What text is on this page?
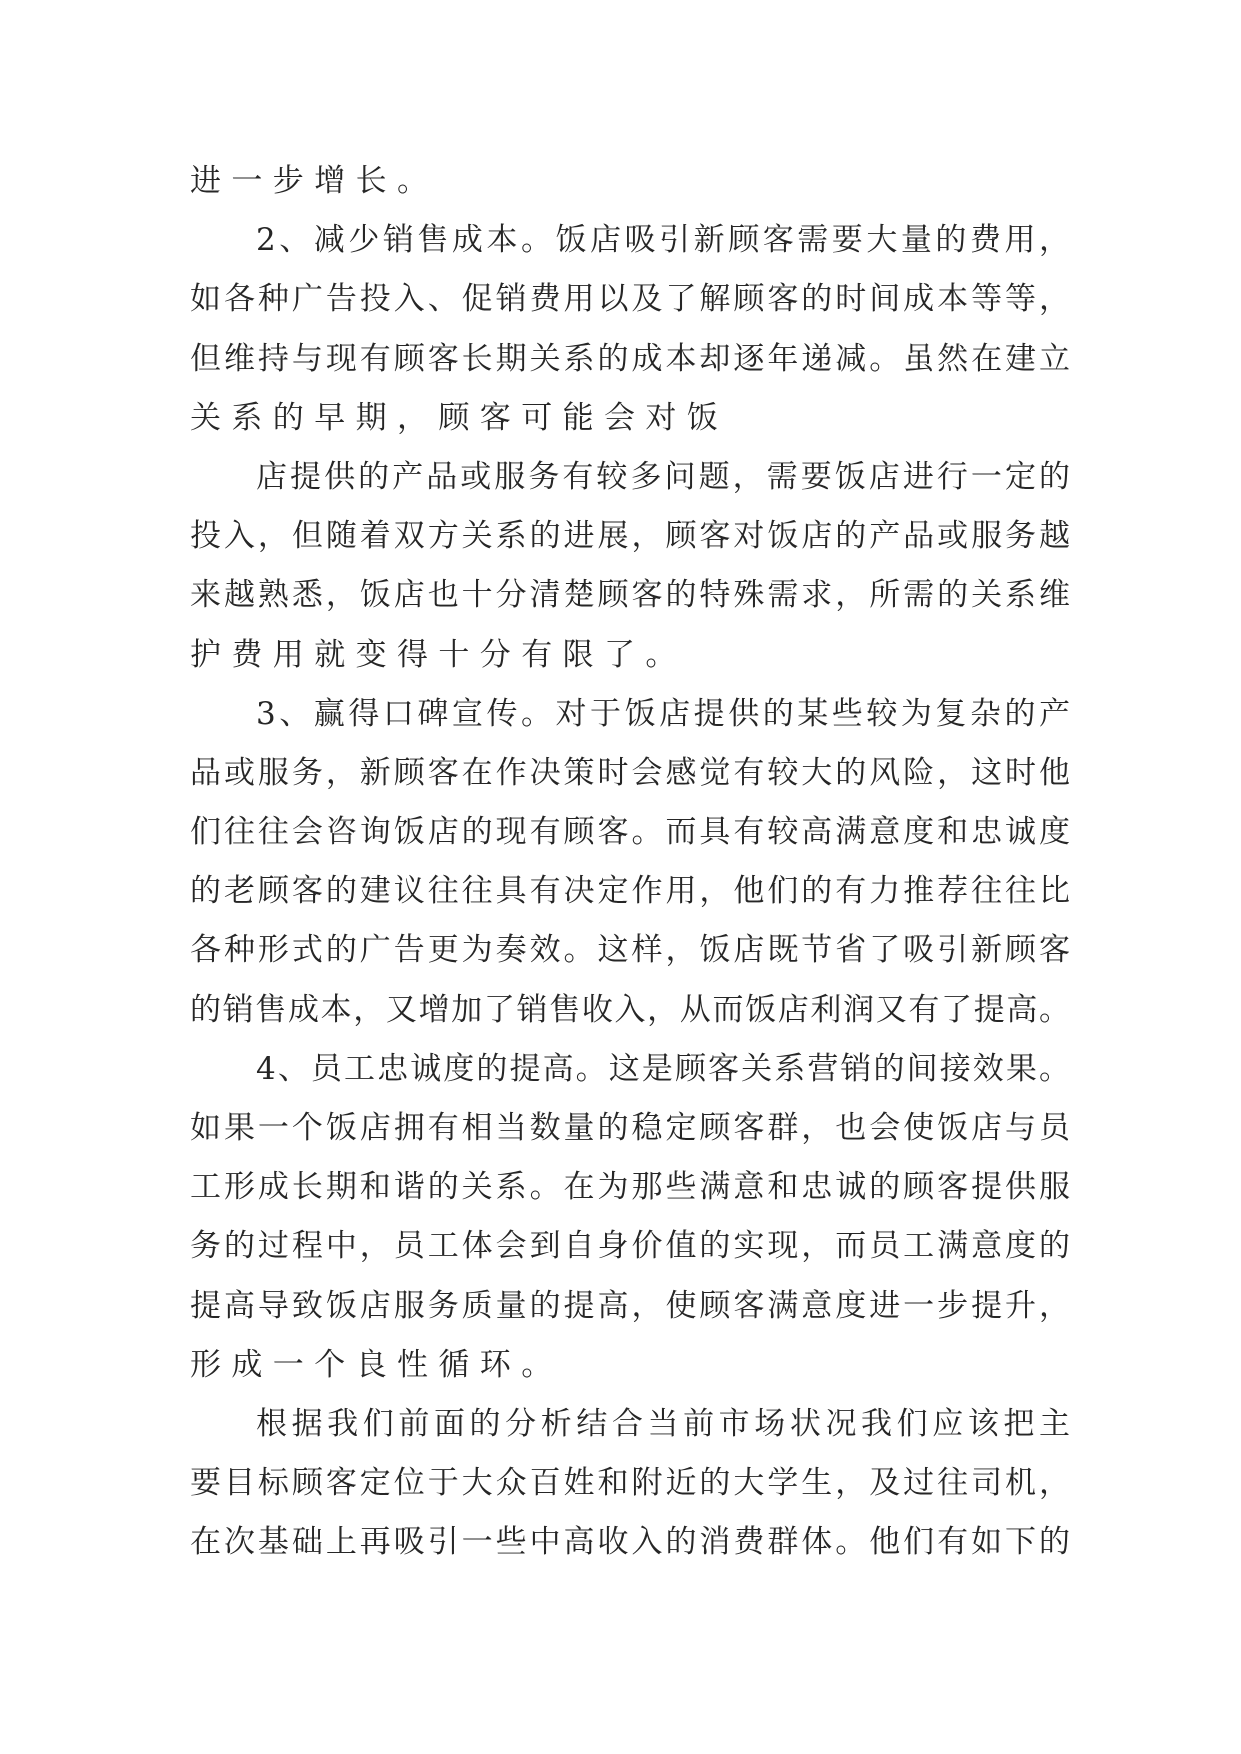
进一步增长。
2、减少销售成本。饭店吸引新顾客需要大量的费用，
如各种广告投入、促销费用以及了解顾客的时间成本等等，
但维持与现有顾客长期关系的成本却逐年递减。虽然在建立
关系的早期，顾客可能会对饭
店提供的产品或服务有较多问题，需要饭店进行一定的
投入，但随着双方关系的进展，顾客对饭店的产品或服务越
来越熟悉，饭店也十分清楚顾客的特殊需求，所需的关系维
护费用就变得十分有限了。
3、赢得口碑宣传。对于饭店提供的某些较为复杂的产
品或服务，新顾客在作决策时会感觉有较大的风险，这时他
们往往会咨询饭店的现有顾客。而具有较高满意度和忠诚度
的老顾客的建议往往具有决定作用，他们的有力推荐往往比
各种形式的广告更为奏效。这样，饭店既节省了吸引新顾客
的销售成本，又增加了销售收入，从而饭店利润又有了提高。
4、员工忠诚度的提高。这是顾客关系营销的间接效果。
如果一个饭店拥有相当数量的稳定顾客群，也会使饭店与员
工形成长期和谐的关系。在为那些满意和忠诚的顾客提供服
务的过程中，员工体会到自身价值的实现，而员工满意度的
提高导致饭店服务质量的提高，使顾客满意度进一步提升，
形成一个良性循环。
根据我们前面的分析结合当前市场状况我们应该把主
要目标顾客定位于大众百姓和附近的大学生，及过往司机，
在次基础上再吸引一些中高收入的消费群体。他们有如下的
